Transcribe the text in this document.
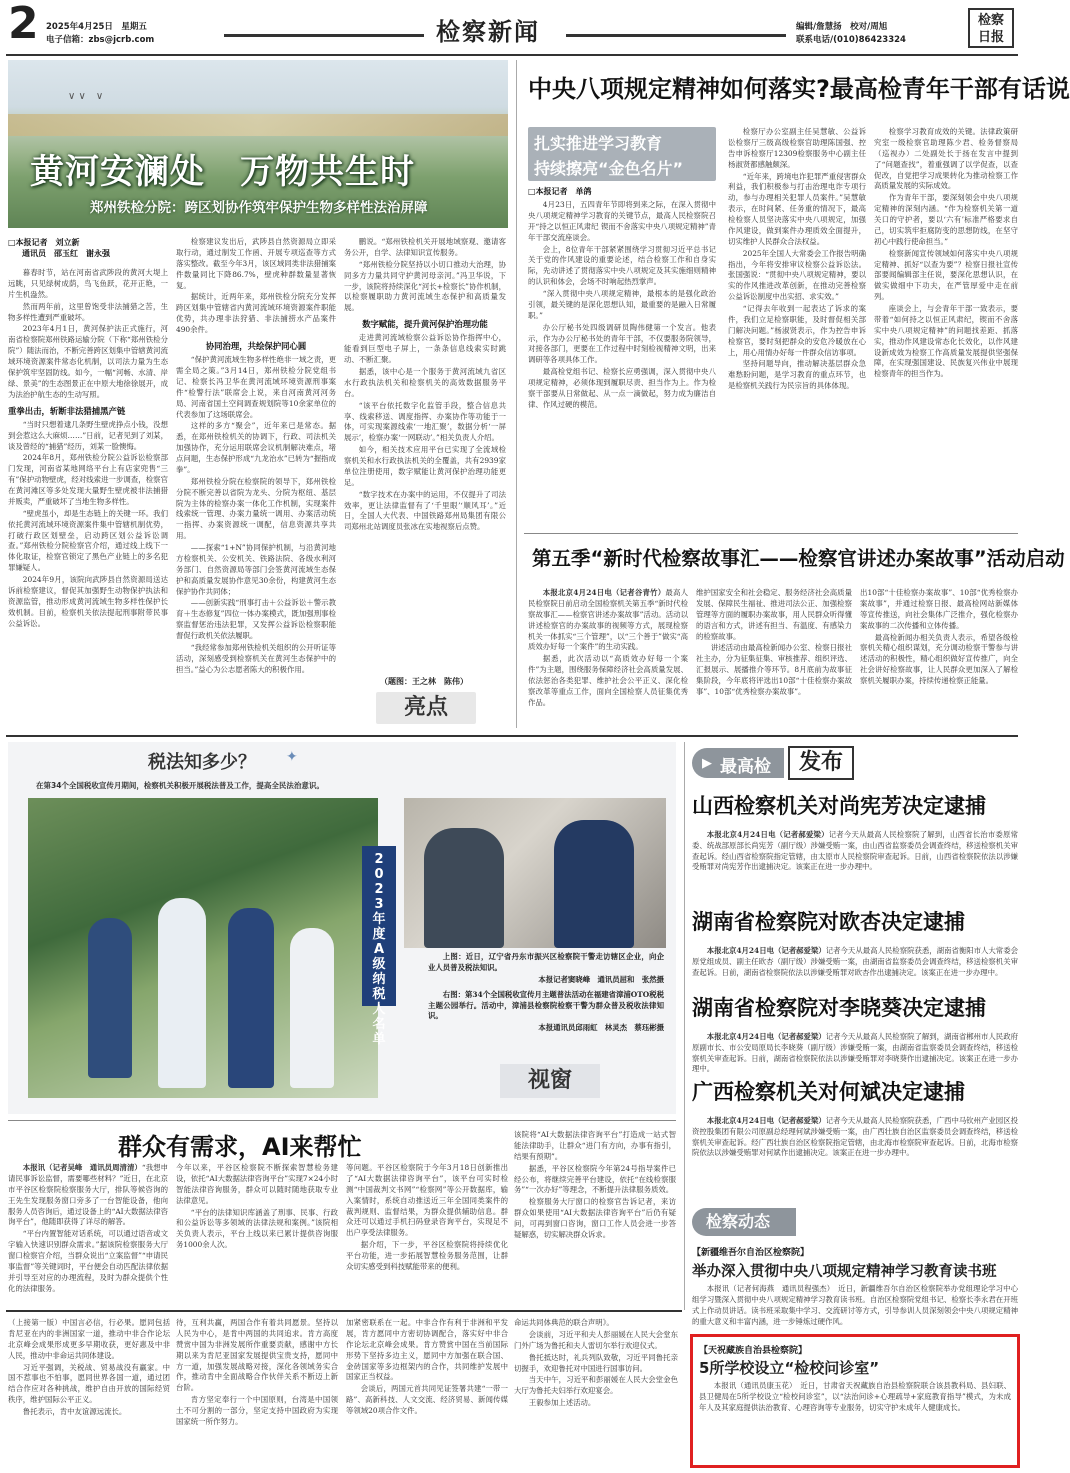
2 2025年4月25日　星期五
电子信箱：zbs@jcrb.com	检察新闻	编辑/詹慧扬　校对/周旭
联系电话/(010)86423324
检察日报
∨ ∨　∨
黄河安澜处　万物共生时
郑州铁检分院：跨区划协作筑牢保护生物多样性法治屏障
□本报记者　刘立新
通讯员　邵玉红　谢永强

暮春时节，站在河南省武陟段的黄河大堤上远眺，只见绿树成荫，鸟飞鱼跃，花开正艳，一片生机盎然。

然而两年前，这里曾饱受非法捕猎之苦，生物多样性遭到严重破坏。

2023年4月1日，黄河保护法正式施行，河南省检察院郑州铁路运输分院（下称“郑州铁检分院”）随法而治，不断完善跨区划集中管辖黄河流域环境资源案件常态化机制，以司法力量为生态保护筑牢坚固防线。如今，一幅“河畅、水清、岸绿、景美”的生态图景正在中原大地徐徐展开，成为法治护航生态的生动写照。

重拳出击，斩断非法猎捕黑产链

“当时只想着逮几条野生壁虎挣点小钱，没想到会惹这么大麻烦……”日前，记者见到了刘某，谈及曾经的“捕猎”经历，刘某一脸懊悔。

2024年8月，郑州铁检分院公益诉讼检察部门发现，河南省某地网络平台上有店家兜售“三有”保护动物壁虎，经对线索进一步调查，检察官在黄河滩区等多处发现大量野生壁虎被非法捕猎并贩卖，严重破坏了当地生物多样性。

“壁虎虽小，却是生态链上的关键一环。我们依托黄河流域环境资源案件集中管辖机制优势，打破行政区划壁垒，启动跨区划公益诉讼调查。”郑州铁检分院检察官介绍，通过线上线下一体化取证，检察官锁定了黑色产业链上的多名犯罪嫌疑人。

2024年9月，该院向武陟县自然资源局送达诉前检察建议，督促其加强野生动物保护执法和资源监管，推动形成黄河流域生物多样性保护长效机制。目前，检察机关依法提起刑事附带民事公益诉讼。

检察建议发出后，武陟县自然资源局立即采取行动，通过制发工作函、开展专项巡查等方式落实整改。截至今年3月，该区域同类非法猎捕案件数量同比下降86.7%，壁虎种群数量显著恢复。

据统计，近两年来，郑州铁检分院充分发挥跨区划集中管辖省内黄河流域环境资源案件职能优势，共办理非法狩猎、非法捕捞水产品案件490余件。

协同治理，共绘保护同心圆

“保护黄河流域生物多样性绝非一域之责，更需全局之策。”3月14日，郑州铁检分院党组书记、检察长冯卫华在黄河流域环境资源刑事案件“检警行法”联席会上说，来自河南黄河河务局、河南省国土空间调查规划院等10余家单位的代表参加了这场联席会。

这样的多方“聚会”，近年来已是常态。据悉，在郑州铁检机关的协调下，行政、司法机关加强协作，充分运用联席会议机制解决难点，堵点问题，生态保护形成“九龙治水”已转为“握指成拳”。

郑州铁检分院在检察院的领导下，郑州铁检分院不断完善以省院为龙头、分院为枢纽、基层院为主体的检察办案一体化工作机制，实现案件线索统一管理、办案力量统一调用、办案活动统一指挥、办案资源统一调配，信息资源共享共用。

——探索“1+N”协同保护机制，与沿黄河地方检察机关、公安机关、铁路法院、各级水利河务部门、自然资源局等部门会签黄河流域生态保护和高质量发展协作意见30余份，构建黄河生态保护协作共同体；

——创新实践“刑事打击＋公益诉讼＋警示教育＋生态修复”四位一体办案模式，既加强刑事检察监督惩治违法犯罪，又发挥公益诉讼检察职能督促行政机关依法履职。

“我经常参加郑州铁检机关组织的公开听证等活动，深刻感受到检察机关在黄河生态保护中的担当。”益心为公志愿者陈大的积极作用。

鹏说。“郑州铁检机关开展地域察观、邀请客务公开，自学、法律知识宣传服务。

“郑州铁检分院坚持以小切口推动大治理，协同多方力量共同守护黄河母亲河。”冯卫华说，下一步，该院将持续深化“河长+检察长”协作机制，以检察履职助力黄河流域生态保护和高质量发展。

数字赋能，提升黄河保护治理功能

走进黄河流域检察公益诉讼协作指挥中心，能看到巨型电子屏上，一条条信息线索实时跳动、不断汇聚。

据悉，该中心是一个服务于黄河流域九省区水行政执法机关和检察机关的高效数据服务平台。

“该平台依托数字化监管手段，整合信息共享、线索移送、调度指挥、办案协作等功能于一体，可实现案源线索‘一地汇聚’，数据分析‘一屏展示’，检察办案‘一网联动’。”相关负责人介绍。

如今，相关技术应用平台已实现了全流域检察机关和水行政执法机关的全覆盖，共有2939家单位注册使用，数字赋能让黄河保护治理功能更足。

“数字技术在办案中的运用，不仅提升了司法效率，更让法律监督有了‘千里眼’‘顺风耳’。”近日，全国人大代表、中国铁路郑州局集团有限公司郑州北站调度员张冰在实地视察后点赞。

（题图：王之林　陈伟）
亮点
中央八项规定精神如何落实?最高检青年干部有话说
扎实推进学习教育
持续擦亮“金色名片”
□本报记者　单鸽

4月23日，五四青年节即将到来之际，在深入贯彻中央八项规定精神学习教育的关键节点，最高人民检察院召开“持之以恒正风肃纪 锲而不舍落实中央八项规定精神”青年干部交流座谈会。

会上，8位青年干部紧紧围绕学习贯彻习近平总书记关于党的作风建设的重要论述，结合检察工作和自身实际，先动讲述了贯彻落实中央八项规定及其实施细则精神的认识和体会，会场不时响起热烈掌声。

“深入贯彻中央八项规定精神，最根本的是强化政治引领，最关键的是深化思想认知，最重要的是融入日常履职。”

办公厅秘书处四级调研员陶伟健第一个发言。他表示，作为办公厅秘书处的青年干部，不仅要服务院领导，对接各部门，更要在工作过程中时刻检视精神文明，出来调研等各项具体工作。

最高检党组书记、检察长应勇强调，深入贯彻中央八项规定精神，必须体现到履职尽责、担当作为上。作为检察干部要从日常做起、从一点一滴做起，努力成为廉洁自律、作风过硬的模范。

检察厅办公室副主任吴慧敏、公益诉讼检察厅三级高级检察官助理陈国强、控告申诉检察厅12309检察服务中心副主任杨淑贤都感触颇深。

“近年来，跨境电诈犯罪严重侵害群众利益，我们积极参与打击治理电诈专项行动，参与办理相关犯罪人员案件。”吴慧敏表示，在时间紧、任务重的情况下，最高检检察人员坚决落实中央八项规定，加强作风建设，做到案件办理质效全面提升，切实维护人民群众合法权益。

2025年全国人大常委会工作报告明确指出，今年将安排审议检察公益诉讼法。张国强说：“贯彻中央八项规定精神，要以实的作风推进改革创新，在推动完善检察公益诉讼制度中出实招、求实效。”

“记得去年收到一起表达了诉求的案件，我们立足检察职能，及时督促相关部门解决问题。”杨淑贤表示，作为控告申诉检察官，要时刻把群众的安危冷暖放在心上，用心用情办好每一件群众信访事项。

坚持问题导向，推动解决基层群众急难愁盼问题，是学习教育的重点环节，也是检察机关践行为民宗旨的具体体现。

检察学习教育成效的关键。法律政策研究室一级检察官助理陈少君、检务督察局（巡视办）二处副处长于扬在发言中提到了“问题查找”，着重强调了以学促查，以查促改，自觉把学习成果转化为推动检察工作高质量发展的实际成效。

作为青年干部，要深刻领会中央八项规定精神的深刻内涵。“作为检察机关第一道关口的守护者，要以‘六有’标准严格要求自己，切实筑牢拒腐防变的思想防线，在坚守初心中践行使命担当。”

检察新闻宣传领域如何落实中央八项规定精神、抓好“以查为要”？检察日报社宣传部要闻编辑部主任说，要深化思想认识，在做实做细中下功夫，在严管厚爱中走在前列。

座谈会上，与会青年干部一致表示，要带着“如何持之以恒正风肃纪，锲而不舍落实中央八项规定精神”的问题找差距、抓落实，推动作风建设常态化长效化，以作风建设新成效为检察工作高质量发展提供坚强保障，在实现强国建设、民族复兴伟业中展现检察青年的担当作为。

第五季“新时代检察故事汇——检察官讲述办案故事”活动启动

本报北京4月24日电（记者谷青竹）最高人民检察院日前启动全国检察机关第五季“新时代检察故事汇——检察官讲述办案故事”活动。活动以讲述检察官的办案故事的视频等方式，展现检察机关一体抓实“三个管理”，以“三个善于”做实“高质效办好每一个案件”的生动实践。

据悉，此次活动以“高质效办好每一个案件”为主题，围绕服务保障经济社会高质量发展、依法惩治各类犯罪、维护社会公平正义、深化检察改革等重点工作，面向全国检察人员征集优秀作品。

维护国家安全和社会稳定、服务经济社会高质量发展、保障民生福祉、推进司法公正、加强检察管理等方面的履职办案故事，用人民群众听得懂的语言和方式，讲述有担当、有温度、有感染力的检察故事。

讲述活动由最高检新闻办公室、检察日报社社主办，分为征集征集、审核推荐、组织评选、汇报展示、展播推介等环节。8月底前为故事征集阶段，今年底将评选出10部“十佳检察办案故事”、10部“优秀检察办案故事”。

出10部“十佳检察办案故事”、10部“优秀检察办案故事”，并通过检察日报、最高检网站新媒体等宣传推送，向社会集体广泛推介，强化检察办案故事的二次传播和立体传播。

最高检新闻办相关负责人表示，希望各级检察机关精心组织谋划，充分调动检察干警参与讲述活动的积极性，精心组织做好宣传推广，向全社会讲好检察故事，让人民群众更加深入了解检察机关履职办案，持续传递检察正能量。

税法知多少？ ✦
在第34个全国税收宣传月期间，检察机关积极开展税法普及工作，提高全民法治意识。
2023年度A级纳税人名单

上图：近日，辽宁省丹东市振兴区检察院干警走访辖区企业，向企业人员普及税法知识。

本报记者窦晓峰　通讯员屈和　张然摄

右图：第34个全国税收宣传月主题普法活动在福建省漳浦OTO税税主题公园举行。活动中，漳浦县检察院检察干警为群众普及税收法律知识。

本报通讯员邱雨虹　林灵杰　蔡珏彬摄

视窗
群众有需求，AI来帮忙

本报讯（记者吴峰　通讯员周清清）“我想申请民事诉讼监督，需要哪些材料？”近日，在北京市平谷区检察院检察服务大厅，排队等候咨询的王先生发现服务窗口旁多了一台智能设备，他向服务人员咨询后，通过设备上的“AI大数据法律咨询平台”，他随即获得了详尽的解答。

“平台内置智能对话系统，可以通过语音或文字输入快速识别群众需求。”据该院检察服务大厅窗口检察官介绍，当群众说出“立案监督”“申请民事监督”等关键词时，平台便会自动匹配法律依据并引导至对应的办理流程，及时为群众提供个性化的法律服务。

今年以来，平谷区检察院不断探索智慧检务建设，依托“AI大数据法律咨询平台”实现7×24小时智能法律咨询服务，群众可以随时随地获取专业法律意见。

“平台的法律知识库涵盖了刑事、民事、行政和公益诉讼等多领域的法律法规和案例。”该院相关负责人表示，平台上线以来已累计提供咨询服务1000余人次。

等问题。平谷区检察院于今年3月18日创新推出了“AI大数据法律咨询平台”，该平台可实时检测“中国裁判文书网”“检察网”等公开数据库，输入案情时，系统自动推送近三年全国同类案件的裁判规则、监督结果，为群众提供辅助信息。群众还可以通过手机扫码登录咨询平台，实现足不出户享受法律服务。

据介绍，下一步，平谷区检察院将持续优化平台功能，进一步拓展智慧检务服务范围，让群众切实感受到科技赋能带来的便利。

该院将“AI大数据法律咨询平台”打造成一站式智能法律助手，让群众“进门有方向，办事有指引，结果有预期”。

据悉，平谷区检察院今年第24号指导案件已经公布，将继续完善平台建设，依托“在线检察服务”“一次办好”等理念，不断提升法律服务质效。

检察服务大厅窗口的检察官告诉记者，来访群众如果使用“AI大数据法律咨询平台”后仍有疑问，可再到窗口咨询，窗口工作人员会进一步答疑解惑，切实解决群众诉求。

▶ 最高检	发布
山西检察机关对尚宪芳决定逮捕

本报北京4月24日电（记者郝爱梁）记者今天从最高人民检察院了解到，山西省长治市委原常委、统战部原部长尚宪芳（副厅级）涉嫌受贿一案，由山西省监察委员会调查终结，移送检察机关审查起诉。经山西省检察院指定管辖，由太原市人民检察院审查起诉。日前，山西省检察院依法以涉嫌受贿罪对尚宪芳作出逮捕决定。该案正在进一步办理中。

湖南省检察院对欧杏决定逮捕

本报北京4月24日电（记者郝爱梁）记者今天从最高人民检察院获悉，湖南省衡阳市人大常委会原党组成员、副主任欧杏（副厅级）涉嫌受贿一案，由湖南省监察委员会调查终结，移送检察机关审查起诉。日前，湖南省检察院依法以涉嫌受贿罪对欧杏作出逮捕决定。该案正在进一步办理中。

湖南省检察院对李晓葵决定逮捕

本报北京4月24日电（记者郝爱梁）记者今天从最高人民检察院了解到，湖南省郴州市人民政府原副市长、市公安局原局长李晓葵（副厅级）涉嫌受贿一案，由湖南省监察委员会调查终结，移送检察机关审查起诉。日前，湖南省检察院依法以涉嫌受贿罪对李晓葵作出逮捕决定。该案正在进一步办理中。

广西检察机关对何斌决定逮捕

本报北京4月24日电（记者郝爱梁）记者今天从最高人民检察院获悉，广西中马钦州产业园区投资控股集团有限公司原副总经理何斌涉嫌受贿一案，由广西壮族自治区监察委员会调查终结，移送检察机关审查起诉。经广西壮族自治区检察院指定管辖，由北海市检察院审查起诉。日前，北海市检察院依法以涉嫌受贿罪对何斌作出逮捕决定。该案正在进一步办理中。

检察动态
【新疆维吾尔自治区检察院】
举办深入贯彻中央八项规定精神学习教育读书班

本报讯（记者何海燕　通讯员程强杰）　近日，新疆维吾尔自治区检察院举办党组理论学习中心组学习暨深入贯彻中央八项规定精神学习教育读书班。自治区检察院党组书记、检察长李永君在开班式上作动员讲话。读书班采取集中学习、交流研讨等方式，引导参训人员深刻领会中央八项规定精神的重大意义和丰富内涵，进一步锤炼过硬作风。

【天祝藏族自治县检察院】
5所学校设立“检校问诊室”

本报讯（通讯员康玉花）　近日，甘肃省天祝藏族自治县检察院联合该县教科局、县妇联、县卫健局在5所学校设立“检校问诊室”，以“法治问诊+心理疏导+家庭教育指导”模式，为未成年人及其家庭提供法治教育、心理咨询等专业服务，切实守护未成年人健康成长。

（上接第一版）中国言必信，行必果。愿同包括肯尼亚在内的非洲国家一道，推动中非合作论坛北京峰会成果形成更多早期收获，更好惠及中非人民，推动中非命运共同体建设。

习近平强调，关税战、贸易战没有赢家。中国不惹事也不怕事，愿同世界各国一道，通过团结合作应对各种挑战，维护自由开放的国际经贸秩序，维护国际公平正义。

鲁托表示，肯中友谊源远流长。

待，互利共赢，两国合作有着共同愿景。坚持以人民为中心，是肯中两国的共同追求。肯方高度赞赏中国为非洲发展所作重要贡献，感谢中方长期以来为肯尼亚国家发展提供宝贵支持，愿同中方一道，加强发展战略对接，深化各领域务实合作，推动肯中全面战略合作伙伴关系不断迈上新台阶。

肯方坚定奉行一个中国原则，台湾是中国领土不可分割的一部分，坚定支持中国政府为实现国家统一所作努力。

加紧密联系在一起。中非合作有利于非洲和平发展，肯方愿同中方密切协调配合，落实好中非合作论坛北京峰会成果。肯方赞赏中国在当前国际形势下坚持多边主义，愿同中方加强在联合国、金砖国家等多边框架内的合作，共同维护发展中国家正当权益。

会谈后，两国元首共同见证签署共建“一带一路”、高新科技、人文交流、经济贸易、新闻传媒等领域20项合作文件。

命运共同体典范的联合声明》。

会谈前，习近平和夫人彭丽媛在人民大会堂东门外广场为鲁托和夫人雷切尔举行欢迎仪式。

鲁托抵达时，礼兵列队致敬，习近平同鲁托亲切握手，欢迎鲁托对中国进行国事访问。

当天中午，习近平和彭丽媛在人民大会堂金色大厅为鲁托夫妇举行欢迎宴会。

王毅参加上述活动。
